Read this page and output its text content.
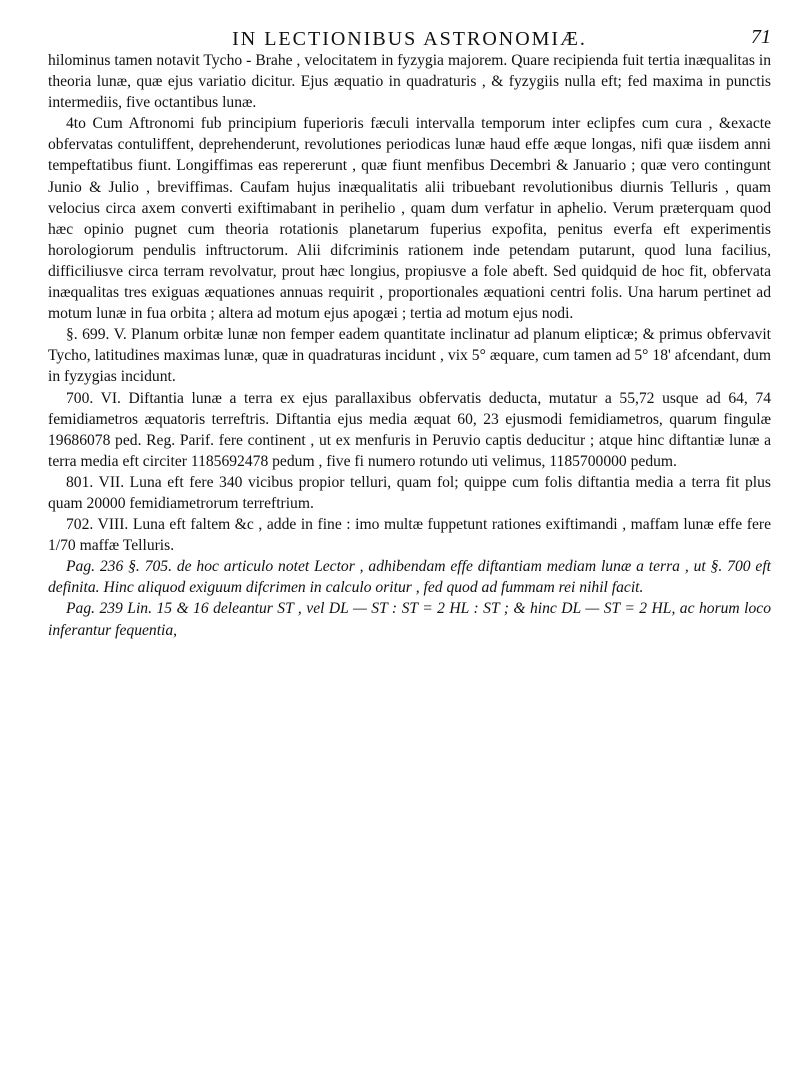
IN LECTIONIBUS ASTRONOMIÆ.	71

hilominus tamen notavit Tycho - Brahe , velocitatem in fyzygia majorem. Quare recipienda fuit tertia inæqualitas in theoria lunæ, quæ ejus variatio dicitur. Ejus æquatio in quadraturis , & fyzygiis nulla eft; fed maxima in punctis intermediis, five octantibus lunæ.

4to Cum Aftronomi fub principium fuperioris fæculi intervalla temporum inter eclipfes cum cura , &exacte obfervatas contuliffent, deprehenderunt, revolutiones periodicas lunæ haud effe æque longas, nifi quæ iisdem anni tempeftatibus fiunt. Longiffimas eas repererunt , quæ fiunt menfibus Decembri & Januario ; quæ vero contingunt Junio & Julio , breviffimas. Caufam hujus inæqualitatis alii tribuebant revolutionibus diurnis Telluris , quam velocius circa axem converti exiftimabant in perihelio , quam dum verfatur in aphelio. Verum præterquam quod hæc opinio pugnet cum theoria rotationis planetarum fuperius expofita, penitus everfa eft experimentis horologiorum pendulis inftructorum. Alii difcriminis rationem inde petendam putarunt, quod luna facilius, difficiliusve circa terram revolvatur, prout hæc longius, propiusve a fole abeft. Sed quidquid de hoc fit, obfervata inæqualitas tres exiguas æquationes annuas requirit , proportionales æquationi centri folis. Una harum pertinet ad motum lunæ in fua orbita ; altera ad motum ejus apogæi ; tertia ad motum ejus nodi.

§. 699. V. Planum orbitæ lunæ non femper eadem quantitate inclinatur ad planum elipticæ; & primus obfervavit Tycho, latitudines maximas lunæ, quæ in quadraturas incidunt , vix 5° æquare, cum tamen ad 5° 18' afcendant, dum in fyzygias incidunt.

700. VI. Diftantia lunæ a terra ex ejus parallaxibus obfervatis deducta, mutatur a 55,72 usque ad 64, 74 femidiametros æquatoris terreftris. Diftantia ejus media æquat 60, 23 ejusmodi femidiametros, quarum fingulæ 19686078 ped. Reg. Parif. fere continent , ut ex menfuris in Peruvio captis deducitur ; atque hinc diftantiæ lunæ a terra media eft circiter 1185692478 pedum , five fi numero rotundo uti velimus, 1185700000 pedum.

801. VII. Luna eft fere 340 vicibus propior telluri, quam fol; quippe cum folis diftantia media a terra fit plus quam 20000 femidiametrorum terreftrium.

702. VIII. Luna eft faltem &c , adde in fine : imo multæ fuppetunt rationes exiftimandi , maffam lunæ effe fere 1/70 maffæ Telluris.

Pag. 236 §. 705. de hoc articulo notet Lector , adhibendam effe diftantiam mediam lunæ a terra , ut §. 700 eft definita. Hinc aliquod exiguum difcrimen in calculo oritur , fed quod ad fummam rei nihil facit.

Pag. 239 Lin. 15 & 16 deleantur ST , vel DL — ST : ST = 2 HL : ST ; & hinc DL — ST = 2 HL, ac horum loco inferantur fequentia,
